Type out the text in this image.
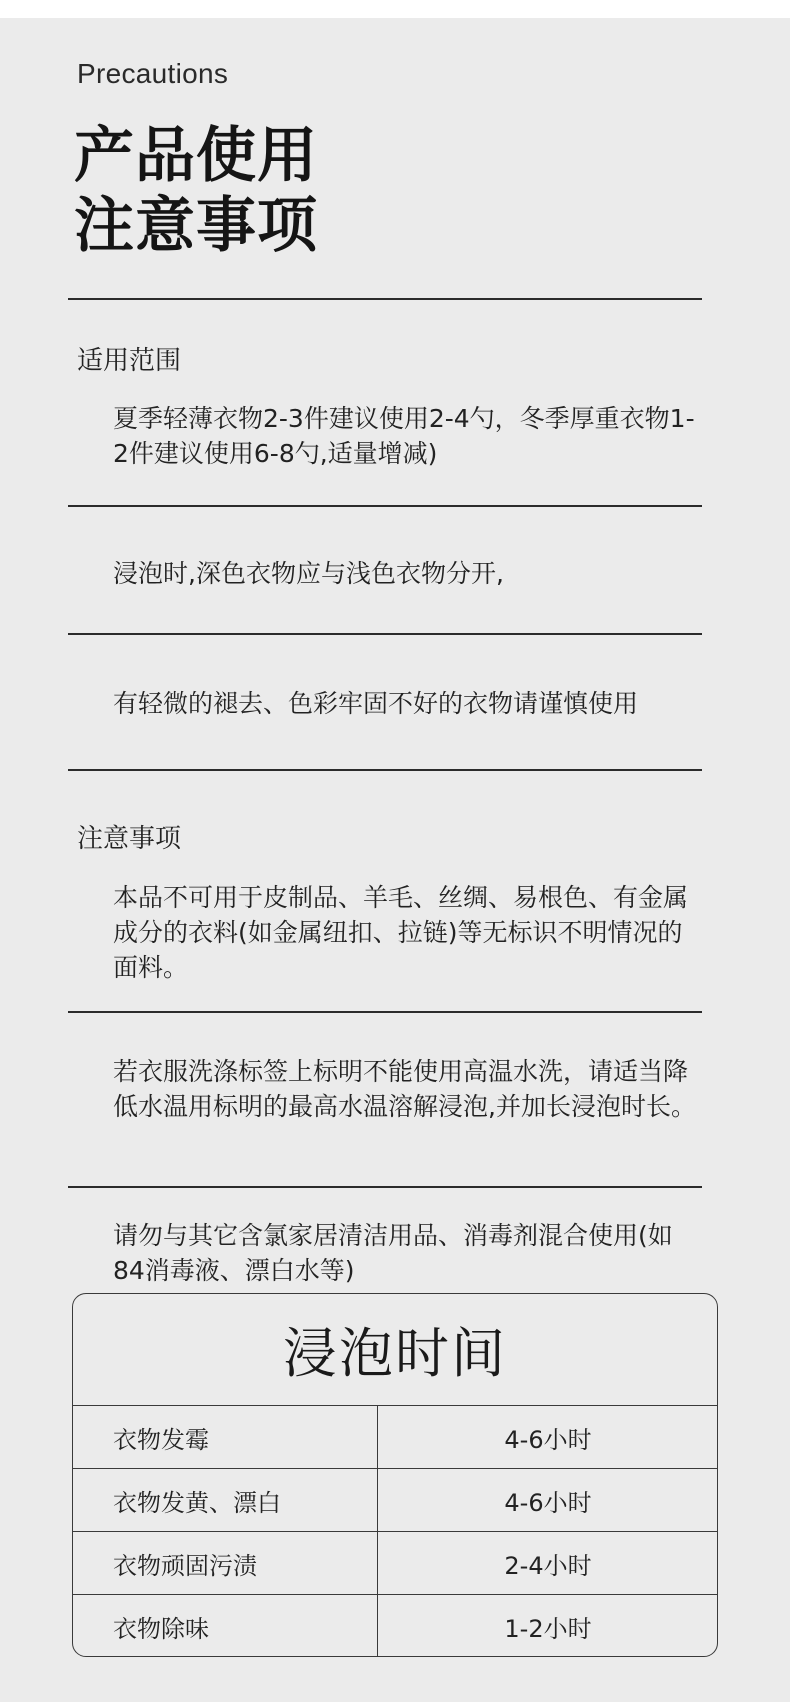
Precautions
产品使用
注意事项
适用范围
夏季轻薄衣物2-3件建议使用2-4勺，冬季厚重衣物1-2件建议使用6-8勺,适量增减)
浸泡时,深色衣物应与浅色衣物分开,
有轻微的褪去、色彩牢固不好的衣物请谨慎使用
注意事项
本品不可用于皮制品、羊毛、丝绸、易根色、有金属成分的衣料(如金属纽扣、拉链)等无标识不明情况的面料。
若衣服洗涤标签上标明不能使用高温水洗，请适当降低水温用标明的最高水温溶解浸泡,并加长浸泡时长。
请勿与其它含氯家居清洁用品、消毒剂混合使用(如84消毒液、漂白水等)
浸泡时间
衣物发霉	4-6小时
衣物发黄、漂白	4-6小时
衣物顽固污渍	2-4小时
衣物除味	1-2小时
